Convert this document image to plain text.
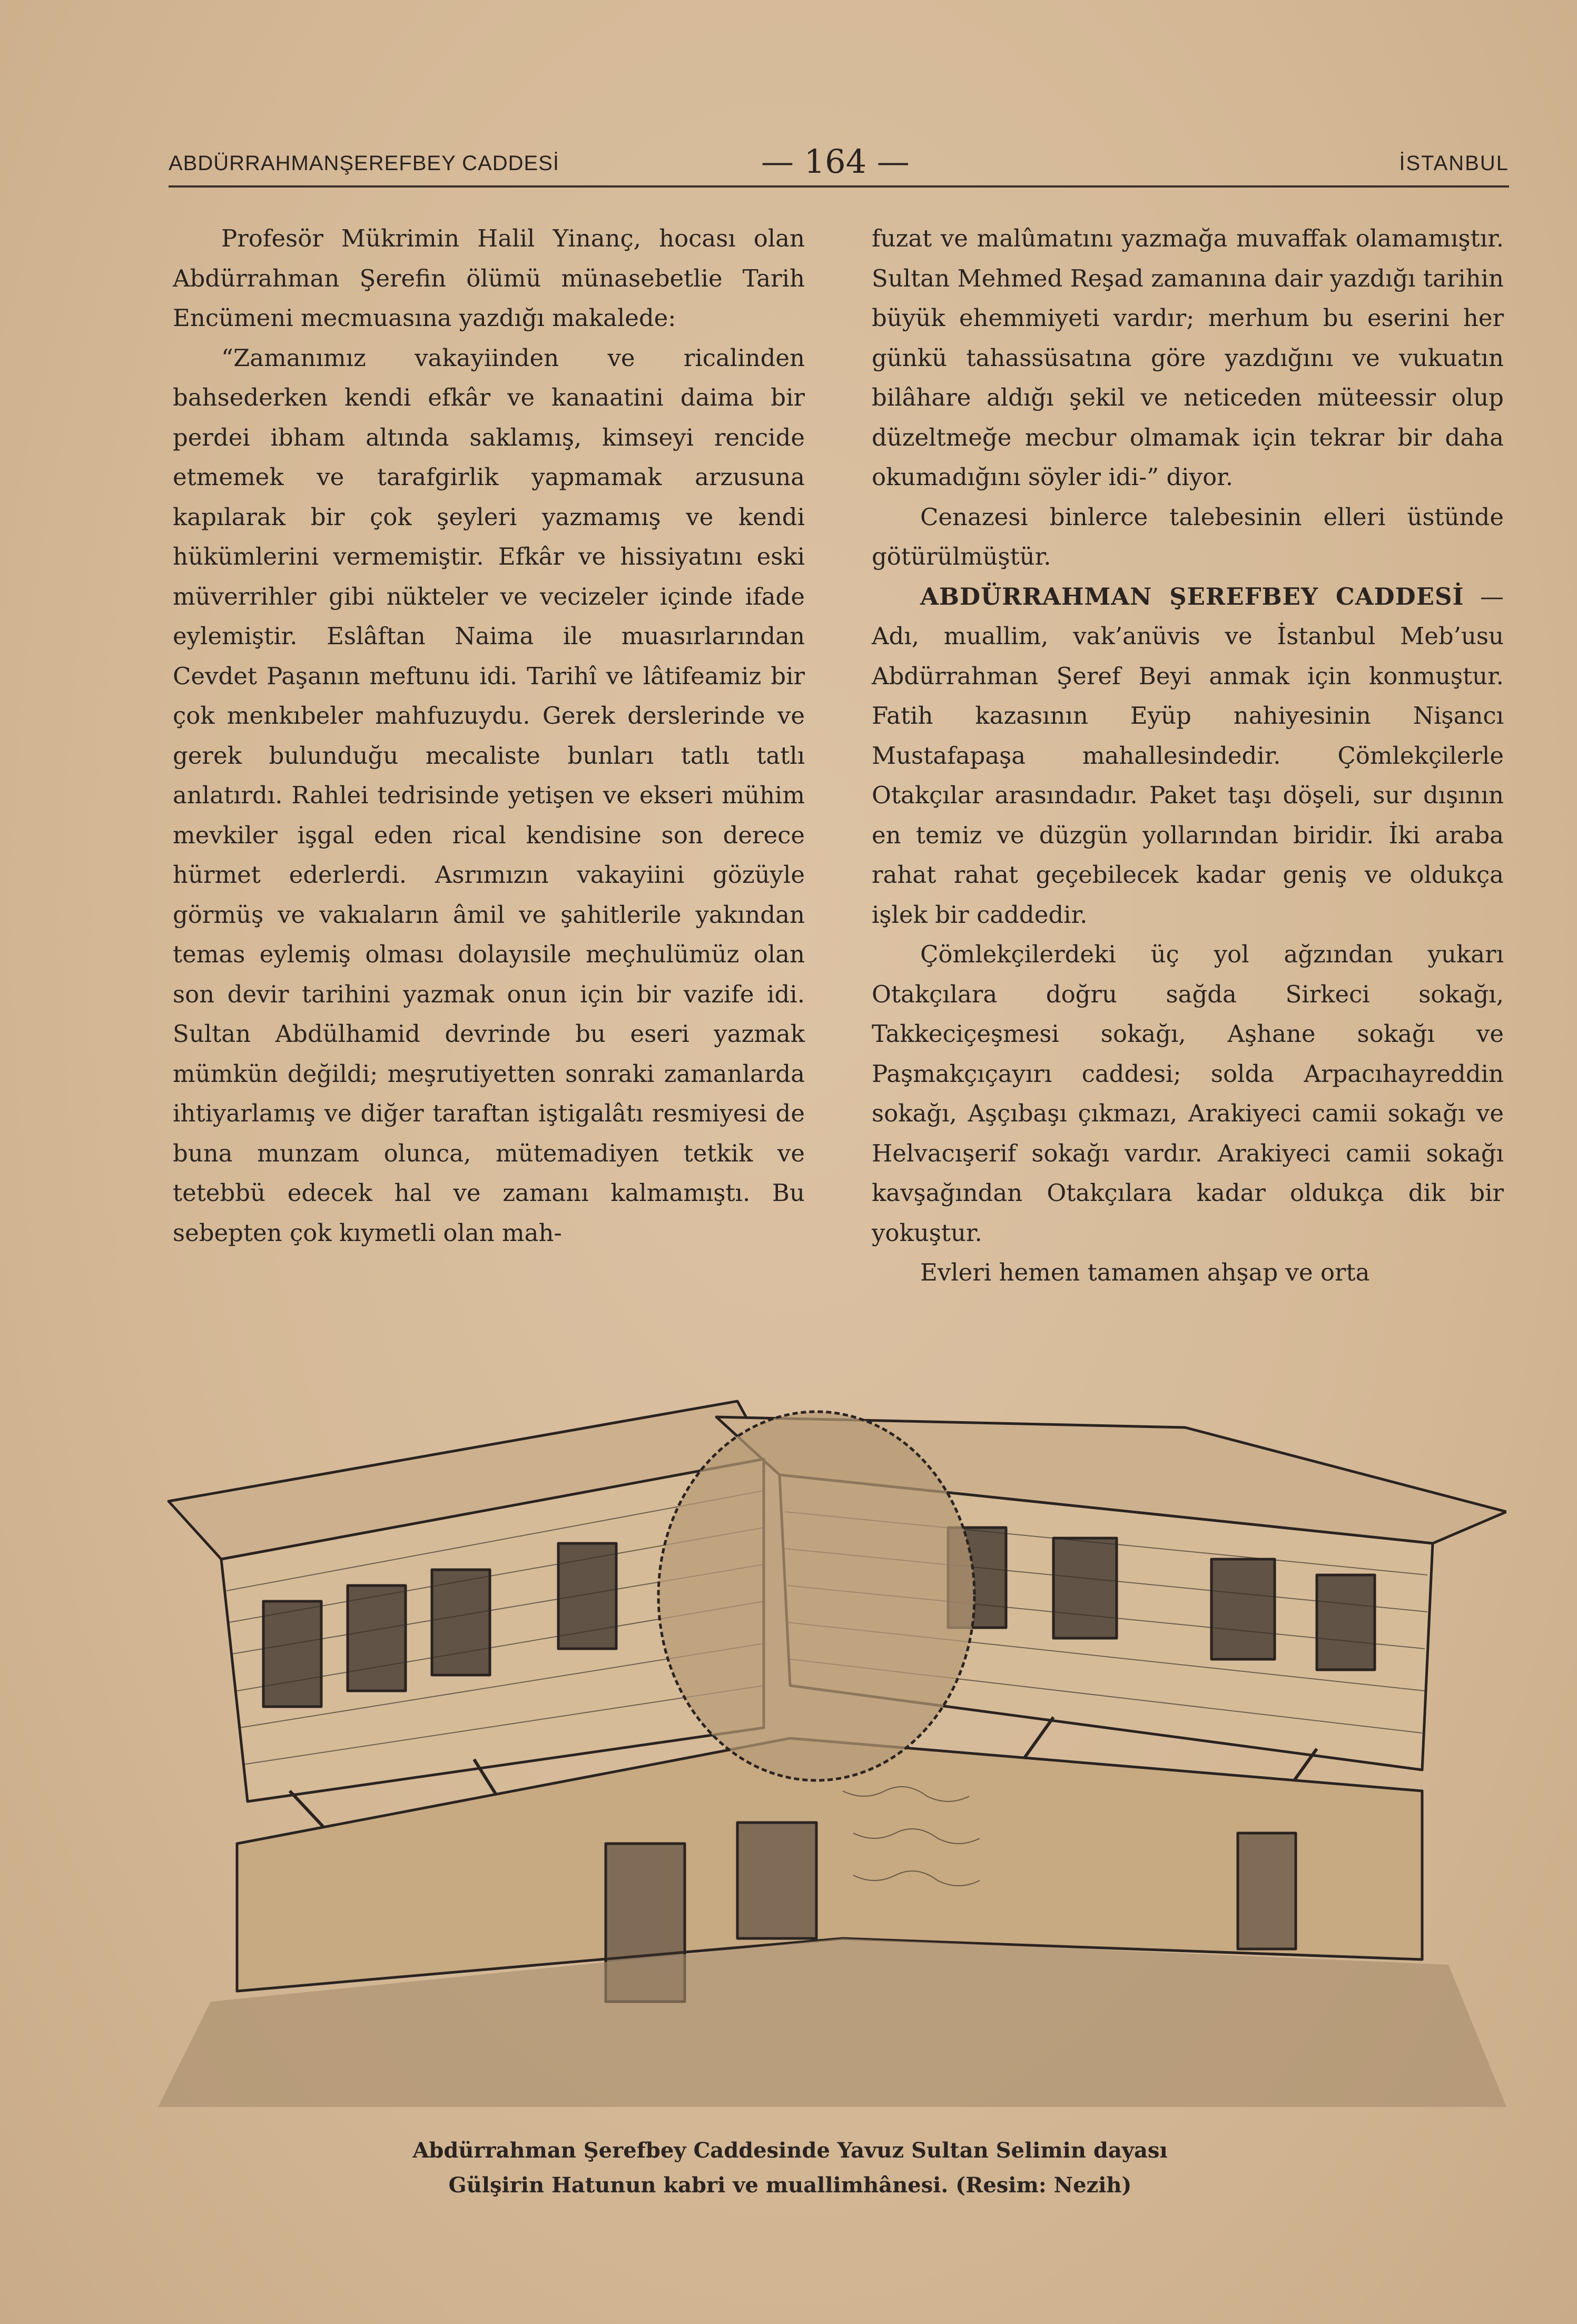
ABDÜRRAHMANŞEREFBEY CADDESİ	— 164 —	İSTANBUL

Profesör Mükrimin Halil Yinanç, hocası olan Abdürrahman Şerefin ölümü münasebetlie Tarih Encümeni mecmuasına yazdığı makalede:

“Zamanımız vakayiinden ve ricalinden bahsederken kendi efkâr ve kanaatini daima bir perdei ibham altında saklamış, kimseyi rencide etmemek ve tarafgirlik yapmamak arzusuna kapılarak bir çok şeyleri yazmamış ve kendi hükümlerini vermemiştir. Efkâr ve hissiyatını eski müverrihler gibi nükteler ve vecizeler içinde ifade eylemiştir. Eslâftan Naima ile muasırlarından Cevdet Paşanın meftunu idi. Tarihî ve lâtifeamiz bir çok menkıbeler mahfuzuydu. Gerek derslerinde ve gerek bulunduğu mecaliste bunları tatlı tatlı anlatırdı. Rahlei tedrisinde yetişen ve ekseri mühim mevkiler işgal eden rical kendisine son derece hürmet ederlerdi. Asrımızın vakayiini gözüyle görmüş ve vakıaların âmil ve şahitlerile yakından temas eylemiş olması dolayısile meçhulümüz olan son devir tarihini yazmak onun için bir vazife idi. Sultan Abdülhamid devrinde bu eseri yazmak mümkün değildi; meşrutiyetten sonraki zamanlarda ihtiyarlamış ve diğer taraftan iştigalâtı resmiyesi de buna munzam olunca, mütemadiyen tetkik ve tetebbü edecek hal ve zamanı kalmamıştı. Bu sebepten çok kıymetli olan mah-

fuzat ve malûmatını yazmağa muvaffak olamamıştır. Sultan Mehmed Reşad zamanına dair yazdığı tarihin büyük ehemmiyeti vardır; merhum bu eserini her günkü tahassüsatına göre yazdığını ve vukuatın bilâhare aldığı şekil ve neticeden müteessir olup düzeltmeğe mecbur olmamak için tekrar bir daha okumadığını söyler idi-” diyor.

Cenazesi binlerce talebesinin elleri üstünde götürülmüştür.

ABDÜRRAHMAN ŞEREFBEY CADDESİ — Adı, muallim, vak’anüvis ve İstanbul Meb’usu Abdürrahman Şeref Beyi anmak için konmuştur. Fatih kazasının Eyüp nahiyesinin Nişancı Mustafapaşa mahallesindedir. Çömlekçilerle Otakçılar arasındadır. Paket taşı döşeli, sur dışının en temiz ve düzgün yollarından biridir. İki araba rahat rahat geçebilecek kadar geniş ve oldukça işlek bir caddedir.

Çömlekçilerdeki üç yol ağzından yukarı Otakçılara doğru sağda Sirkeci sokağı, Takkeciçeşmesi sokağı, Aşhane sokağı ve Paşmakçıçayırı caddesi; solda Arpacıhayreddin sokağı, Aşçıbaşı çıkmazı, Arakiyeci camii sokağı ve Helvacışerif sokağı vardır. Arakiyeci camii sokağı kavşağından Otakçılara kadar oldukça dik bir yokuştur.

Evleri hemen tamamen ahşap ve orta

Abdürrahman Şerefbey Caddesinde Yavuz Sultan Selimin dayası
Gülşirin Hatunun kabri ve muallimhânesi. (Resim: Nezih)
